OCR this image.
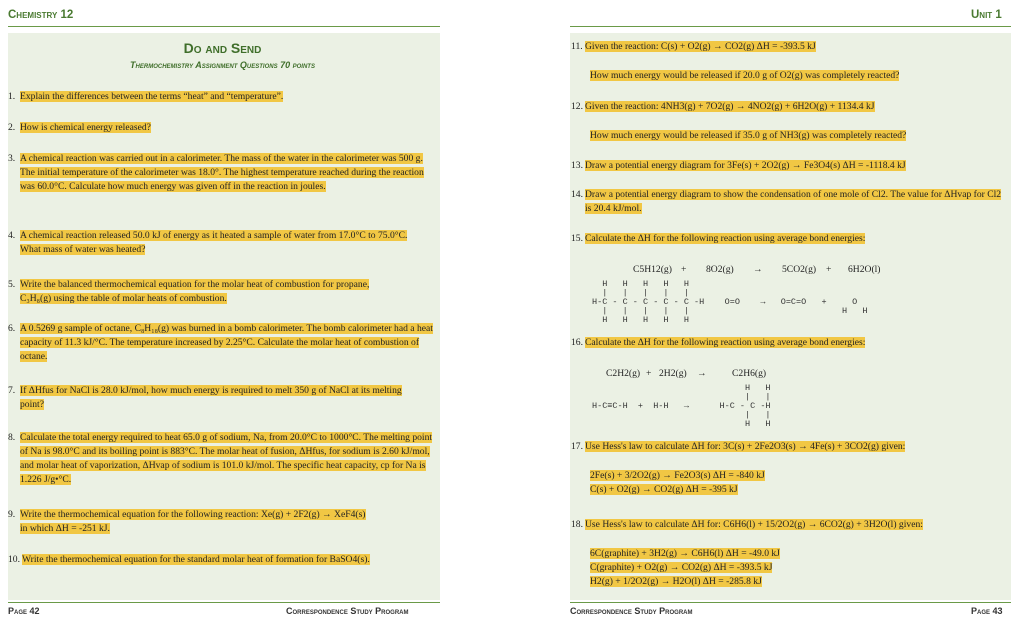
Chemistry 12
Do and Send
Thermochemistry Assignment Questions 70 points
1. Explain the differences between the terms “heat” and “temperature”.
2. How is chemical energy released?
3. A chemical reaction was carried out in a calorimeter. The mass of the water in the calorimeter was 500 g. The initial temperature of the calorimeter was 18.0°. The highest temperature reached during the reaction was 60.0°C. Calculate how much energy was given off in the reaction in joules.
4. A chemical reaction released 50.0 kJ of energy as it heated a sample of water from 17.0°C to 75.0°C. What mass of water was heated?
5. Write the balanced thermochemical equation for the molar heat of combustion for propane,
C₃H₈(g) using the table of molar heats of combustion.
6. A 0.5269 g sample of octane, C₈H₁₈(g) was burned in a bomb calorimeter. The bomb calorimeter had a heat capacity of 11.3 kJ/°C. The temperature increased by 2.25°C. Calculate the molar heat of combustion of octane.
7. If ΔHfus for NaCl is 28.0 kJ/mol, how much energy is required to melt 350 g of NaCl at its melting point?
8. Calculate the total energy required to heat 65.0 g of sodium, Na, from 20.0°C to 1000°C. The melting point of Na is 98.0°C and its boiling point is 883°C. The molar heat of fusion, ΔHfus, for sodium is 2.60 kJ/mol, and molar heat of vaporization, ΔHvap of sodium is 101.0 kJ/mol. The specific heat capacity, cp for Na is 1.226 J/g•°C.
9. Write the thermochemical equation for the following reaction: Xe(g) + 2F2(g) → XeF4(s)
in which ΔH = -251 kJ.
10. Write the thermochemical equation for the standard molar heat of formation for BaSO4(s).
Page 42	Correspondence Study Program
Unit 1
Correspondence Study Program	Page 43
11. Given the reaction: C(s) + O2(g) → CO2(g) ΔH = -393.5 kJ
How much energy would be released if 20.0 g of O2(g) was completely reacted?
12. Given the reaction: 4NH3(g) + 7O2(g) → 4NO2(g) + 6H2O(g) + 1134.4 kJ
How much energy would be released if 35.0 g of NH3(g) was completely reacted?
13. Draw a potential energy diagram for 3Fe(s) + 2O2(g) → Fe3O4(s) ΔH = -1118.4 kJ
14. Draw a potential energy diagram to show the condensation of one mole of Cl2. The value for ΔHvap for Cl2 is 20.4 kJ/mol.
15. Calculate the ΔH for the following reaction using average bond energies:
C5H12(g) + 8O2(g) → 5CO2(g) + 6H2O(l)
H   H   H   H   H
|   |   |   |   |
H-C - C - C - C - C -H    O=O    →   O=C=O   +     O
|   |   |   |   |                              H   H
H   H   H   H   H
16. Calculate the ΔH for the following reaction using average bond energies:
C2H2(g) + 2H2(g) →	C2H6(g)
H   H
|   |
H-C≡C-H  +  H-H   →      H-C - C -H
|   |
H   H
17. Use Hess's law to calculate ΔH for: 3C(s) + 2Fe2O3(s) → 4Fe(s) + 3CO2(g) given:
2Fe(s) + 3/2O2(g) → Fe2O3(s) ΔH = -840 kJ
C(s) + O2(g) → CO2(g) ΔH = -395 kJ
18. Use Hess's law to calculate ΔH for: C6H6(l) + 15/2O2(g) → 6CO2(g) + 3H2O(l) given:
6C(graphite) + 3H2(g) → C6H6(l) ΔH = -49.0 kJ
C(graphite) + O2(g) → CO2(g) ΔH = -393.5 kJ
H2(g) + 1/2O2(g) → H2O(l) ΔH = -285.8 kJ
